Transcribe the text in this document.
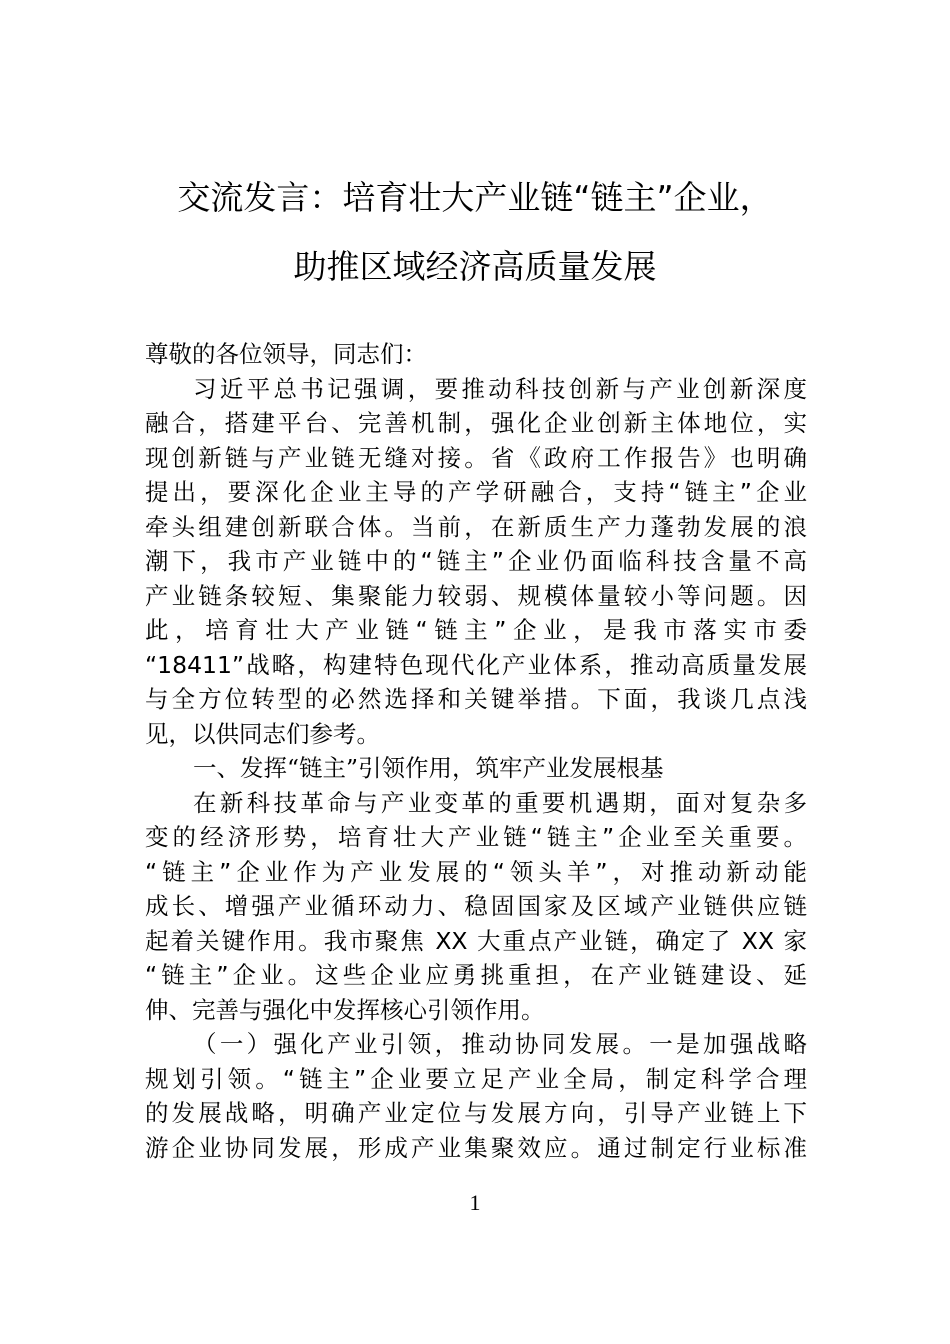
交流发言：培育壮大产业链“链主”企业，
助推区域经济高质量发展
尊敬的各位领导，同志们：
习近平总书记强调，要推动科技创新与产业创新深度
融合，搭建平台、完善机制，强化企业创新主体地位，实
现创新链与产业链无缝对接。省《政府工作报告》也明确
提出，要深化企业主导的产学研融合，支持“链主”企业
牵头组建创新联合体。当前，在新质生产力蓬勃发展的浪
潮下，我市产业链中的“链主”企业仍面临科技含量不高
产业链条较短、集聚能力较弱、规模体量较小等问题。因
此，培育壮大产业链“链主”企业，是我市落实市委
“18411”战略，构建特色现代化产业体系，推动高质量发展
与全方位转型的必然选择和关键举措。下面，我谈几点浅
见，以供同志们参考。
一、发挥“链主”引领作用，筑牢产业发展根基
在新科技革命与产业变革的重要机遇期，面对复杂多
变的经济形势，培育壮大产业链“链主”企业至关重要。
“链主”企业作为产业发展的“领头羊”，对推动新动能
成长、增强产业循环动力、稳固国家及区域产业链供应链
起着关键作用。我市聚焦 XX 大重点产业链，确定了 XX 家
“链主”企业。这些企业应勇挑重担，在产业链建设、延
伸、完善与强化中发挥核心引领作用。
（一）强化产业引领，推动协同发展。一是加强战略
规划引领。“链主”企业要立足产业全局，制定科学合理
的发展战略，明确产业定位与发展方向，引导产业链上下
游企业协同发展，形成产业集聚效应。通过制定行业标准
1
